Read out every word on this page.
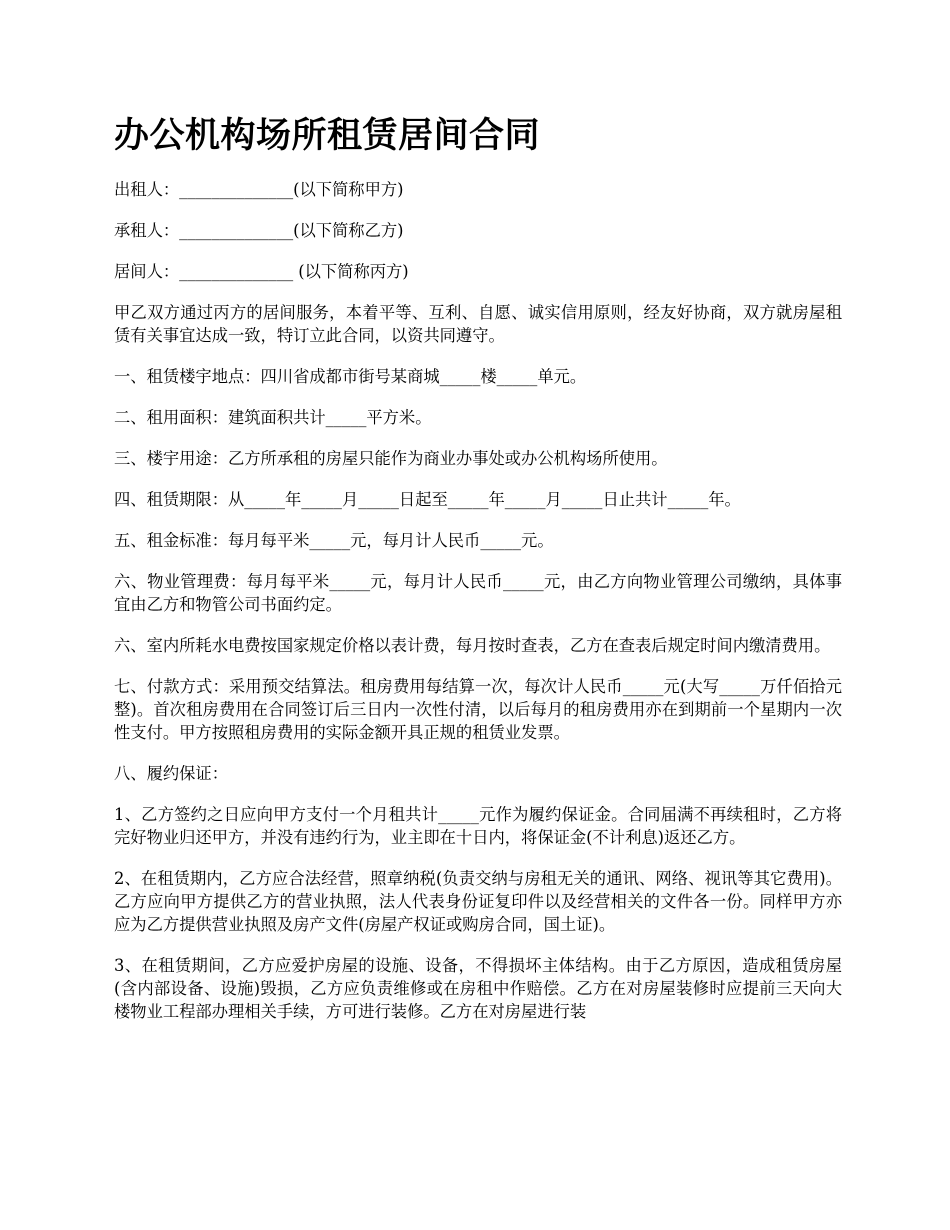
办公机构场所租赁居间合同

出租人：______________(以下简称甲方)

承租人：______________(以下简称乙方)

居间人：______________ (以下简称丙方)

甲乙双方通过丙方的居间服务，本着平等、互利、自愿、诚实信用原则，经友好协商，双方就房屋租赁有关事宜达成一致，特订立此合同，以资共同遵守。

一、租赁楼宇地点：四川省成都市街号某商城_____楼_____单元。

二、租用面积：建筑面积共计_____平方米。

三、楼宇用途：乙方所承租的房屋只能作为商业办事处或办公机构场所使用。

四、租赁期限：从_____年_____月_____日起至_____年_____月_____日止共计_____年。

五、租金标准：每月每平米_____元，每月计人民币_____元。

六、物业管理费：每月每平米_____元，每月计人民币_____元，由乙方向物业管理公司缴纳，具体事宜由乙方和物管公司书面约定。

六、室内所耗水电费按国家规定价格以表计费，每月按时查表，乙方在查表后规定时间内缴清费用。

七、付款方式：采用预交结算法。租房费用每结算一次，每次计人民币_____元(大写_____万仟佰拾元整)。首次租房费用在合同签订后三日内一次性付清，以后每月的租房费用亦在到期前一个星期内一次性支付。甲方按照租房费用的实际金额开具正规的租赁业发票。

八、履约保证：

1、乙方签约之日应向甲方支付一个月租共计_____元作为履约保证金。合同届满不再续租时，乙方将完好物业归还甲方，并没有违约行为，业主即在十日内，将保证金(不计利息)返还乙方。

2、在租赁期内，乙方应合法经营，照章纳税(负责交纳与房租无关的通讯、网络、视讯等其它费用)。乙方应向甲方提供乙方的营业执照，法人代表身份证复印件以及经营相关的文件各一份。同样甲方亦应为乙方提供营业执照及房产文件(房屋产权证或购房合同，国土证)。

3、在租赁期间，乙方应爱护房屋的设施、设备，不得损坏主体结构。由于乙方原因，造成租赁房屋(含内部设备、设施)毁损，乙方应负责维修或在房租中作赔偿。乙方在对房屋装修时应提前三天向大楼物业工程部办理相关手续，方可进行装修。乙方在对房屋进行装
